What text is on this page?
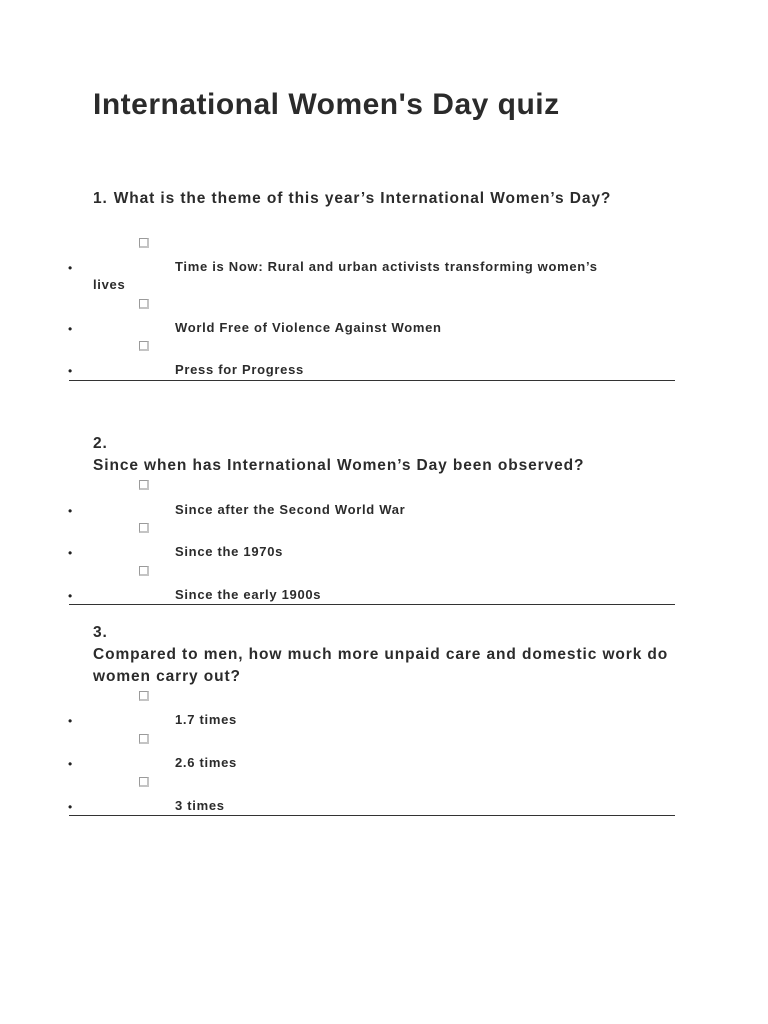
International Women's Day quiz

1. What is the theme of this year’s International Women’s Day?

•	Time is Now: Rural and urban activists transforming women’s
lives
•	World Free of Violence Against Women
•	Press for Progress

2.
Since when has International Women’s Day been observed?

•	Since after the Second World War
•	Since the 1970s
•	Since the early 1900s

3.
Compared to men, how much more unpaid care and domestic work do women carry out?

•	1.7 times
•	2.6 times
•	3 times
